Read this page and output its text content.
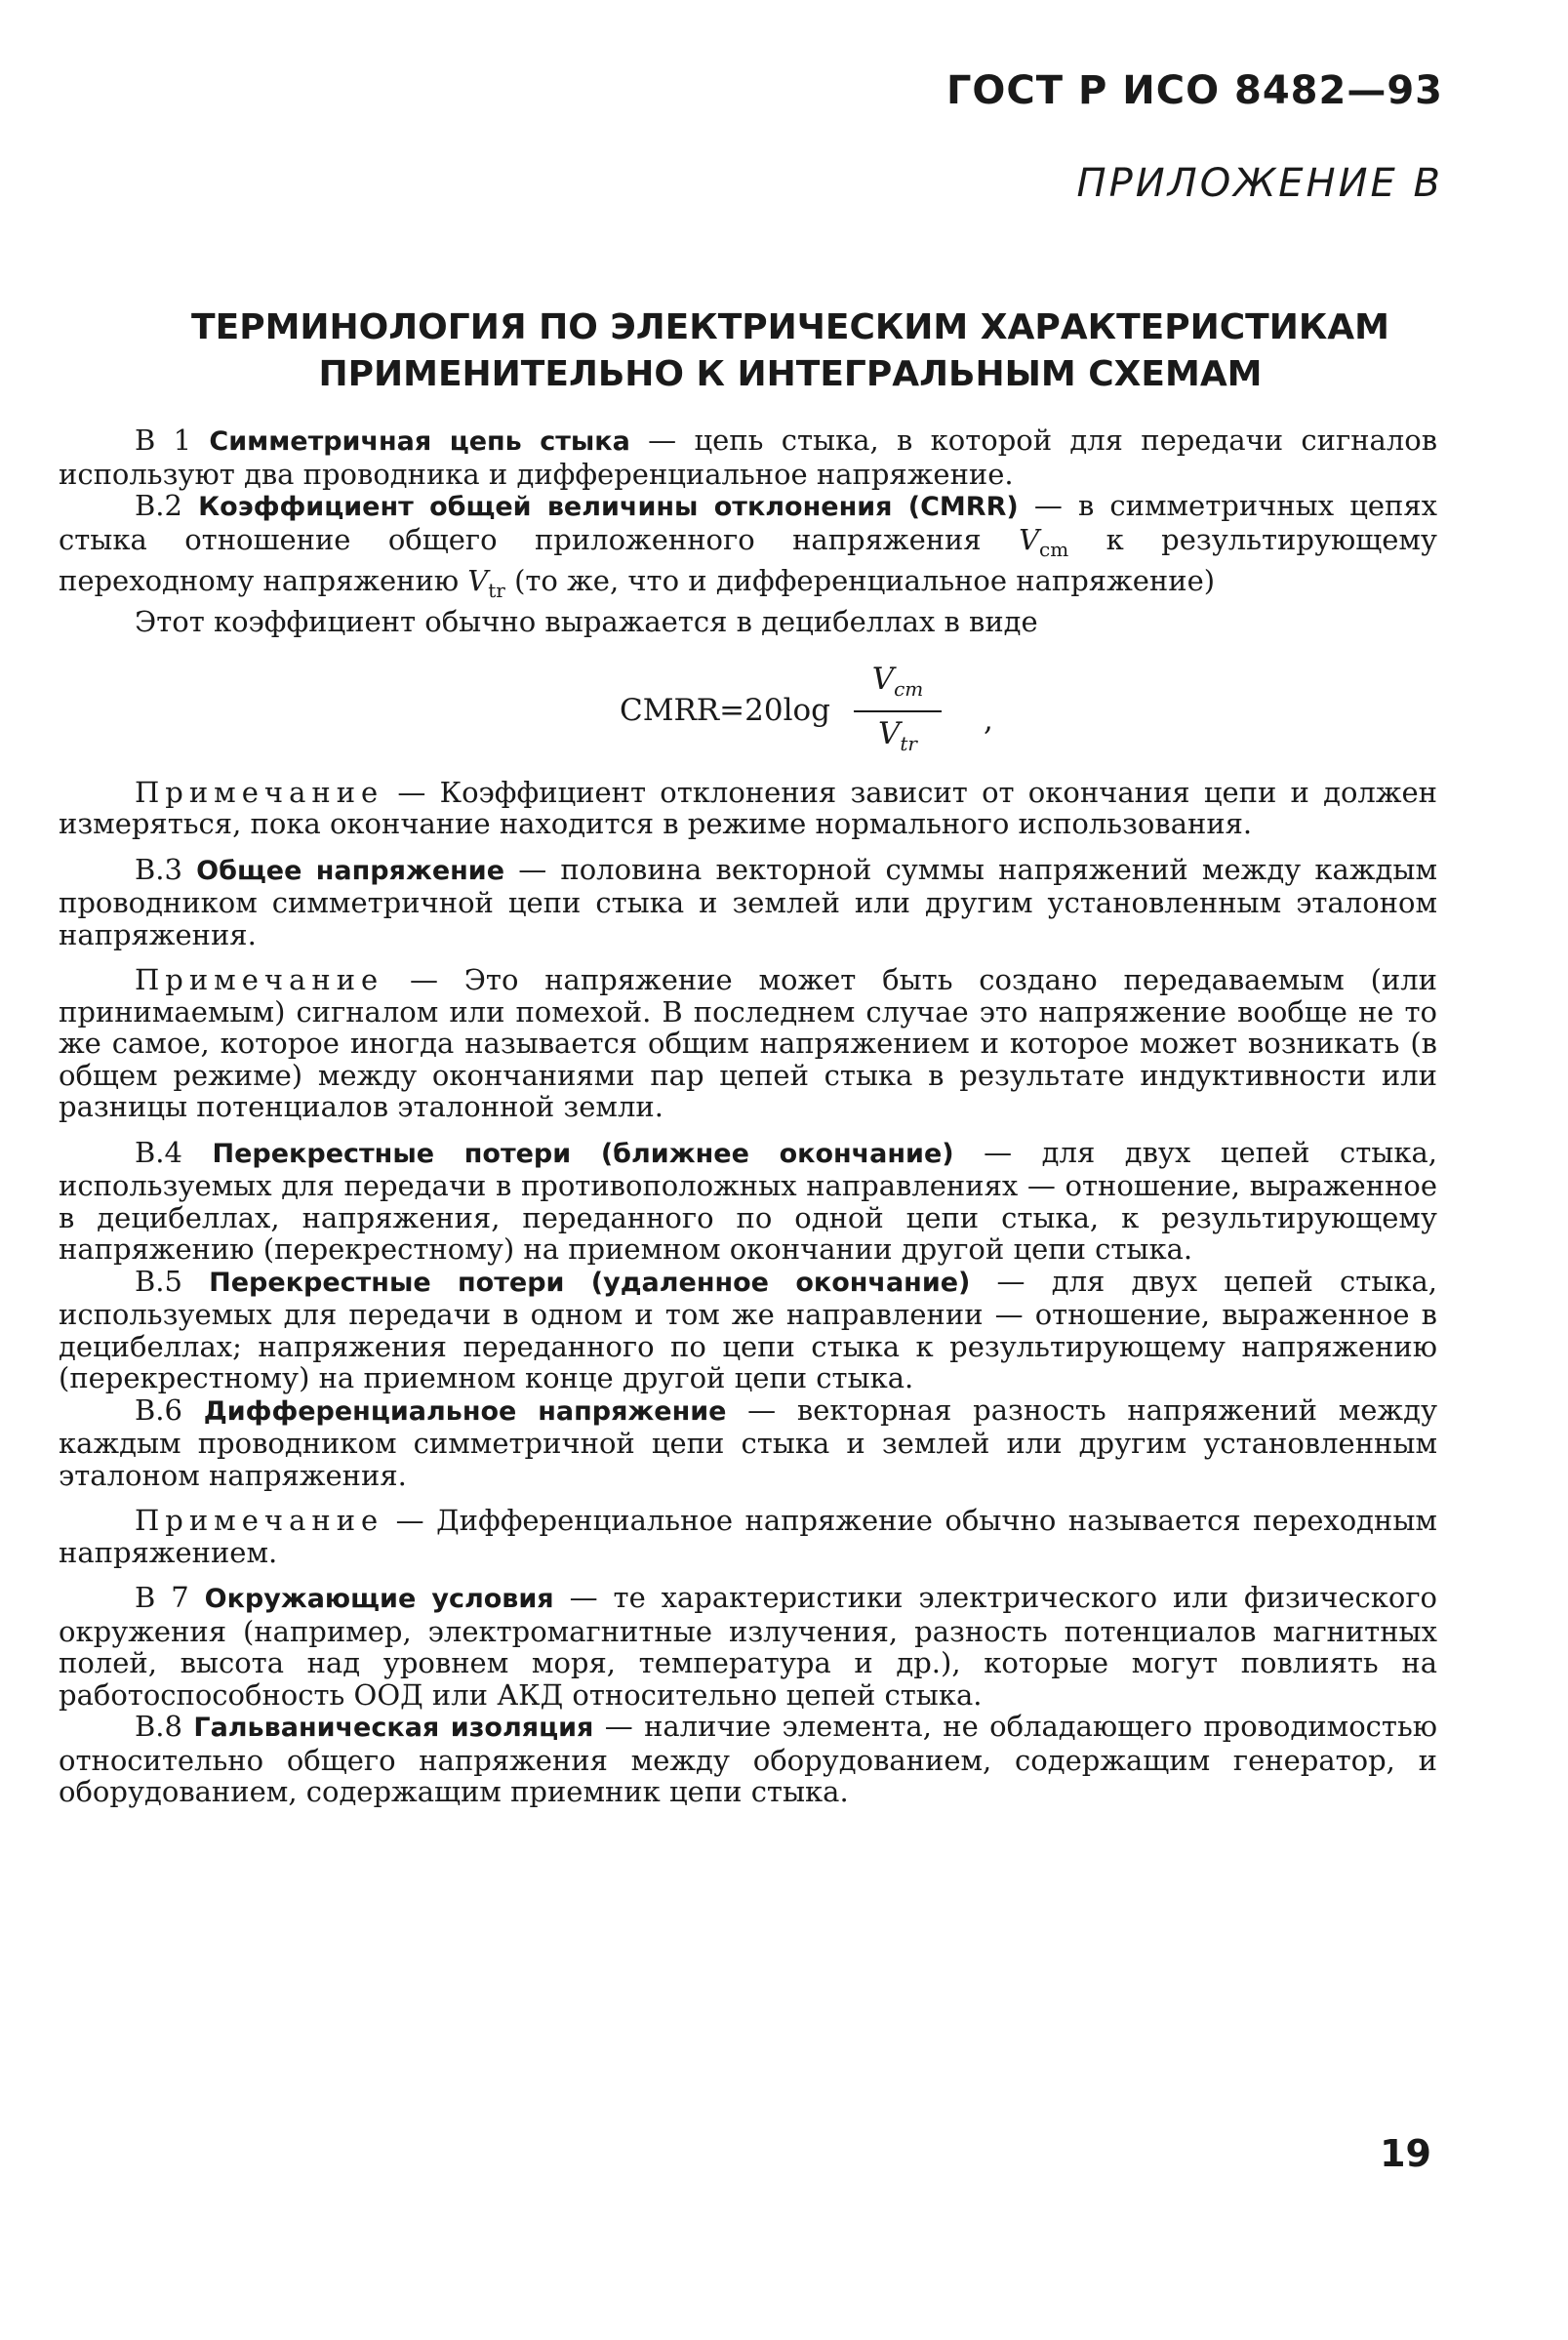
ГОСТ Р ИСО 8482—93
ПРИЛОЖЕНИЕ В
ТЕРМИНОЛОГИЯ ПО ЭЛЕКТРИЧЕСКИМ ХАРАКТЕРИСТИКАМ
ПРИМЕНИТЕЛЬНО К ИНТЕГРАЛЬНЫМ СХЕМАМ

В 1 Симметричная цепь стыка — цепь стыка, в которой для передачи сигналов используют два проводника и дифференциальное напряжение.

В.2 Коэффициент общей величины отклонения (CMRR) — в симметричных цепях стыка отношение общего приложенного напряжения $V_{cm}$ к результирующему переходному напряжению $V_{tr}$ (то же, что и дифференциальное напряжение)

Этот коэффициент обычно выражается в децибеллах в виде

CMRR=20log
$V_{cm}$
$V_{tr}$
,

Примечание — Коэффициент отклонения зависит от окончания цепи и должен измеряться, пока окончание находится в режиме нормального использования.

В.3 Общее напряжение — половина векторной суммы напряжений между каждым проводником симметричной цепи стыка и землей или другим установленным эталоном напряжения.

Примечание — Это напряжение может быть создано передаваемым (или принимаемым) сигналом или помехой. В последнем случае это напряжение вообще не то же самое, которое иногда называется общим напряжением и которое может возникать (в общем режиме) между окончаниями пар цепей стыка в результате индуктивности или разницы потенциалов эталонной земли.

В.4 Перекрестные потери (ближнее окончание) — для двух цепей стыка, используемых для передачи в противоположных направлениях — отношение, выраженное в децибеллах, напряжения, переданного по одной цепи стыка, к результирующему напряжению (перекрестному) на приемном окончании другой цепи стыка.

В.5 Перекрестные потери (удаленное окончание) — для двух цепей стыка, используемых для передачи в одном и том же направлении — отношение, выраженное в децибеллах; напряжения переданного по цепи стыка к результирующему напряжению (перекрестному) на приемном конце другой цепи стыка.

В.6 Дифференциальное напряжение — векторная разность напряжений между каждым проводником симметричной цепи стыка и землей или другим установленным эталоном напряжения.

Примечание — Дифференциальное напряжение обычно называется переходным напряжением.

В 7 Окружающие условия — те характеристики электрического или физического окружения (например, электромагнитные излучения, разность потенциалов магнитных полей, высота над уровнем моря, температура и др.), которые могут повлиять на работоспособность ООД или АКД относительно цепей стыка.

В.8 Гальваническая изоляция — наличие элемента, не обладающего проводимостью относительно общего напряжения между оборудованием, содержащим генератор, и оборудованием, содержащим приемник цепи стыка.

19
